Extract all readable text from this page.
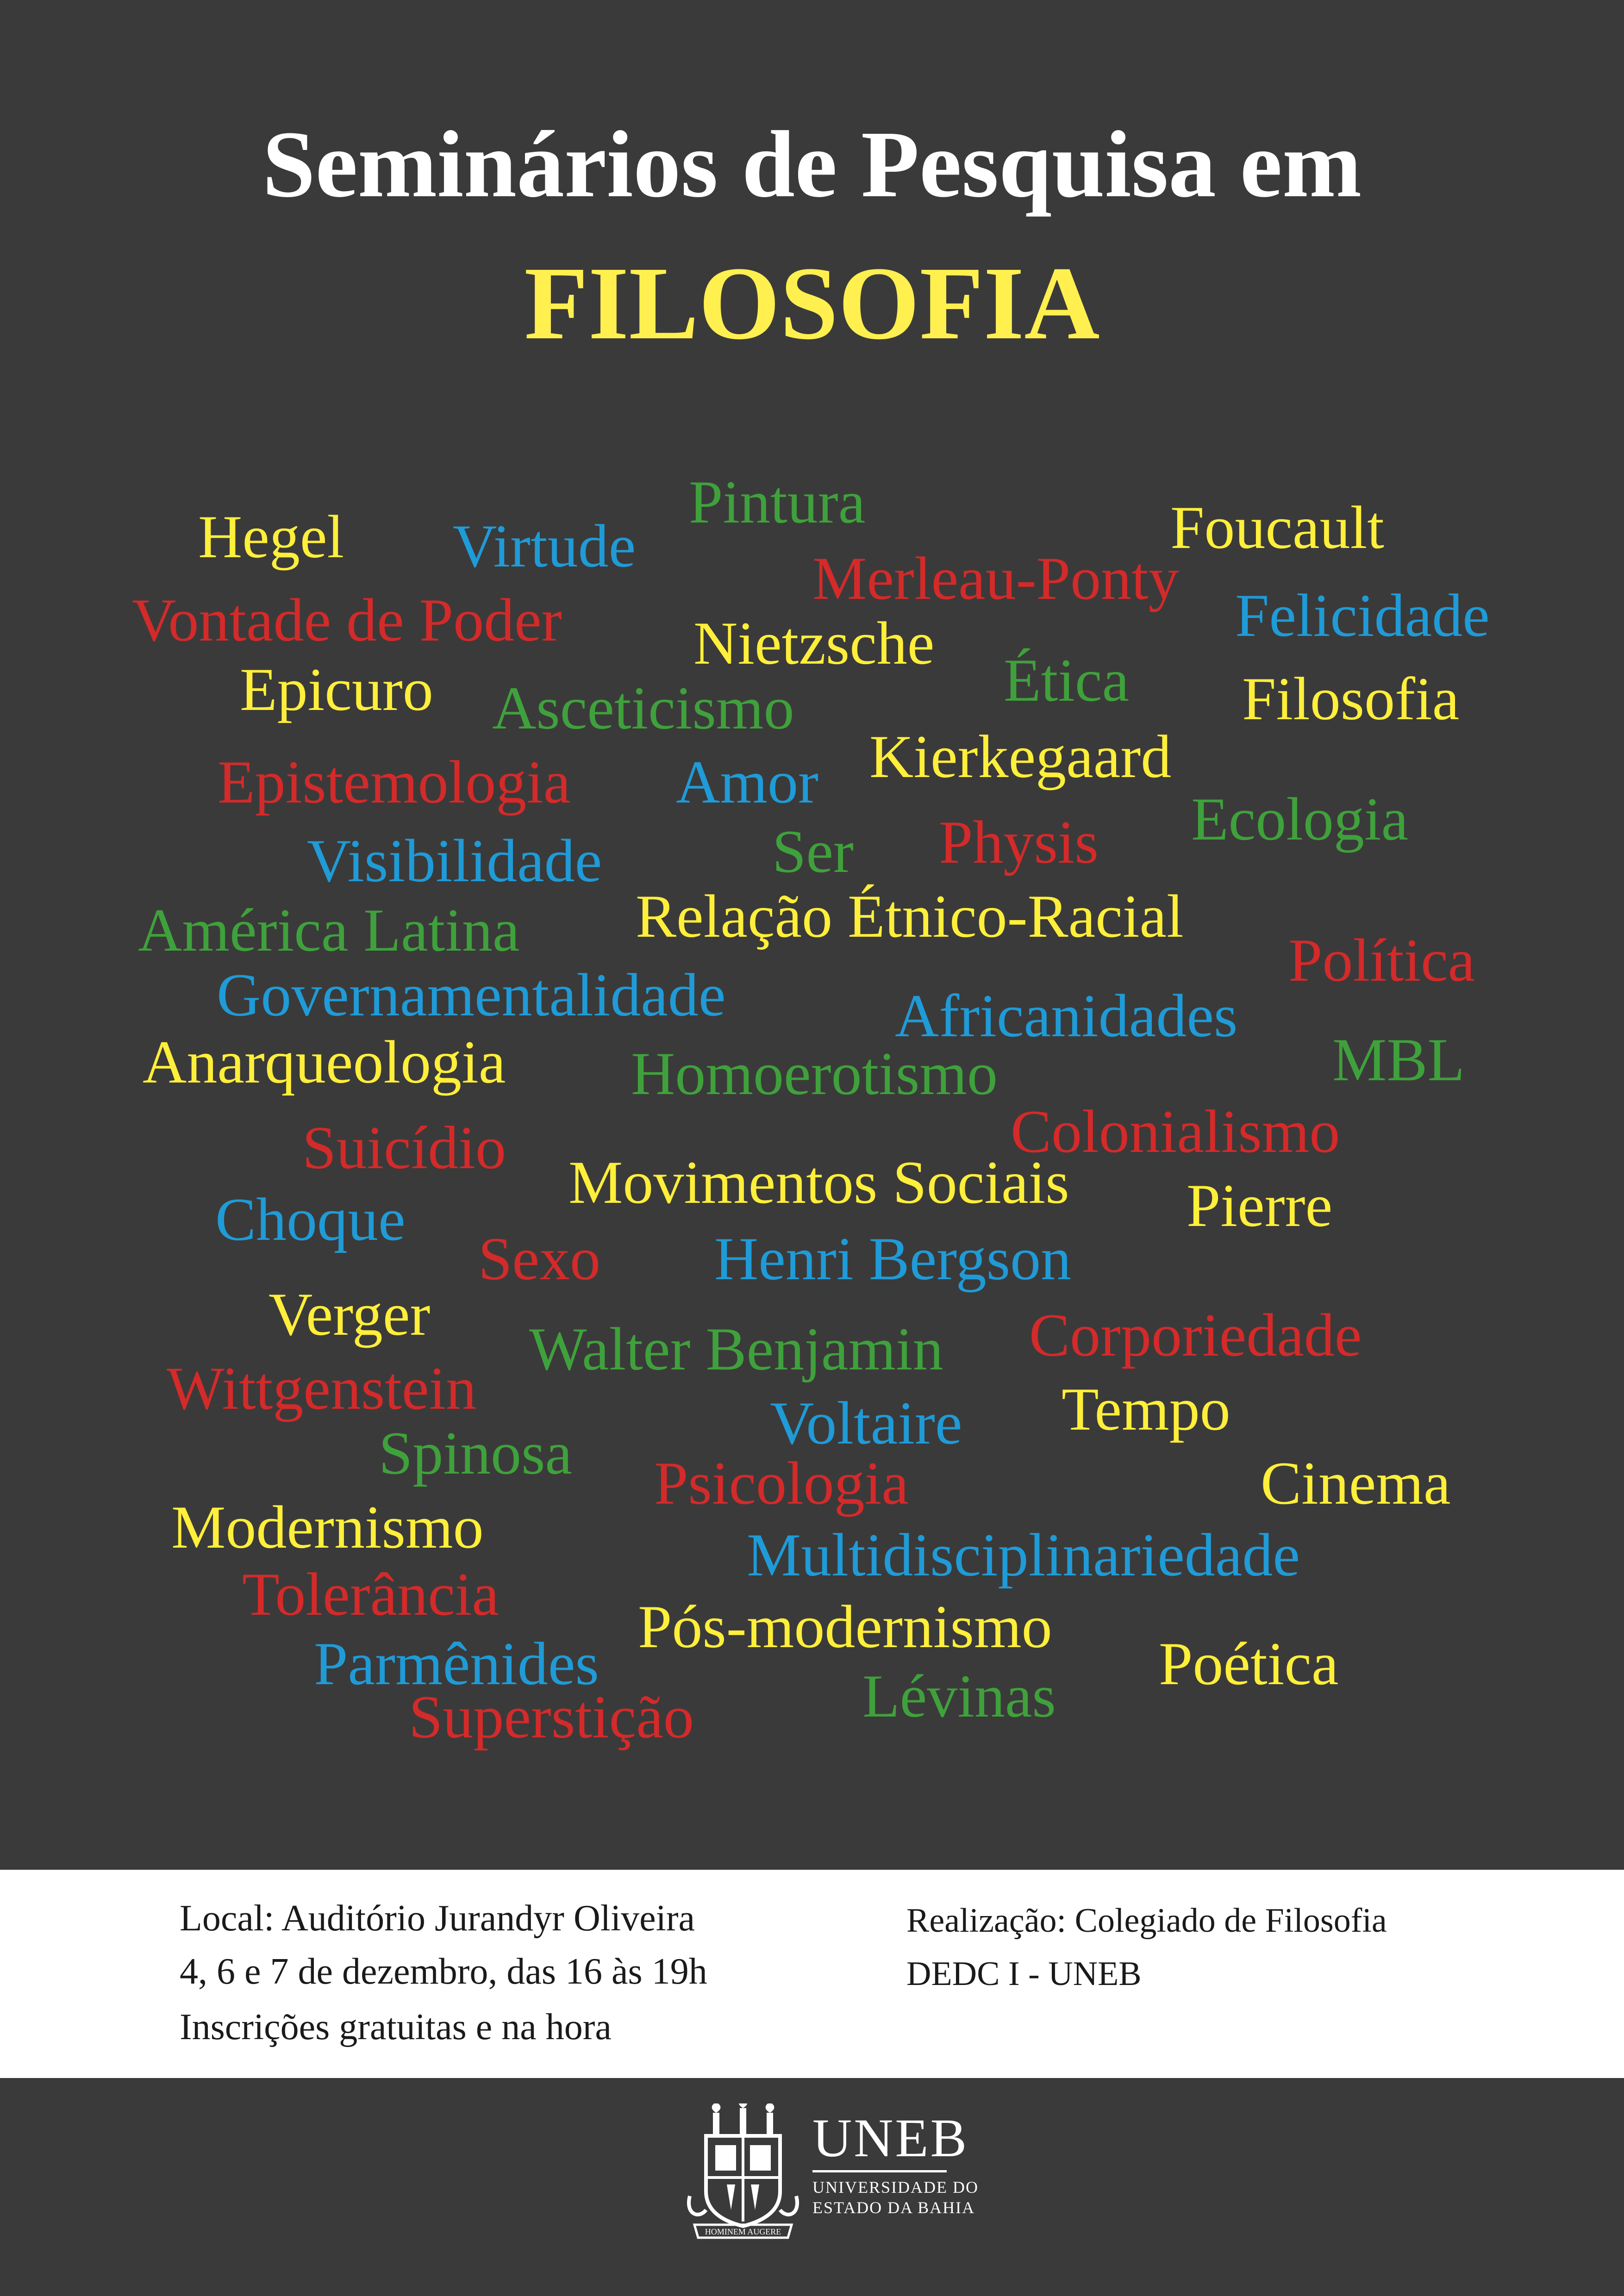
Seminários de Pesquisa em
FILOSOFIA
Hegel Virtude
Pintura	Foucault
Merleau-Ponty
Vontade de Poder Nietzsche	Felicidade
Ética
Epicuro Asceticismo	Filosofia
Kierkegaard
Epistemologia Amor
Ecologia
Ser Physis
Visibilidade
América Latina Relação Étnico-Racial
Política
Governamentalidade	Africanidades
Anarqueologia	MBL
Homoerotismo
Colonialismo
Suicídio
Movimentos Sociais Pierre
Choque
Sexo Henri Bergson
Verger	Corporiedade
Walter Benjamin
Wittgenstein	Tempo
Voltaire
Spinosa	Cinema
Psicologia
Modernismo	Multidisciplinariedade
Tolerância Pós-modernismo
Poética
Parmênides	Lévinas
Superstição
Local: Auditório Jurandyr Oliveira
4, 6 e 7 de dezembro, das 16 às 19h
Inscrições gratuitas e na hora
Realização: Colegiado de Filosofia
DEDC I - UNEB
HOMINEM AUGERE
UNEB
UNIVERSIDADE DO
ESTADO DA BAHIA
